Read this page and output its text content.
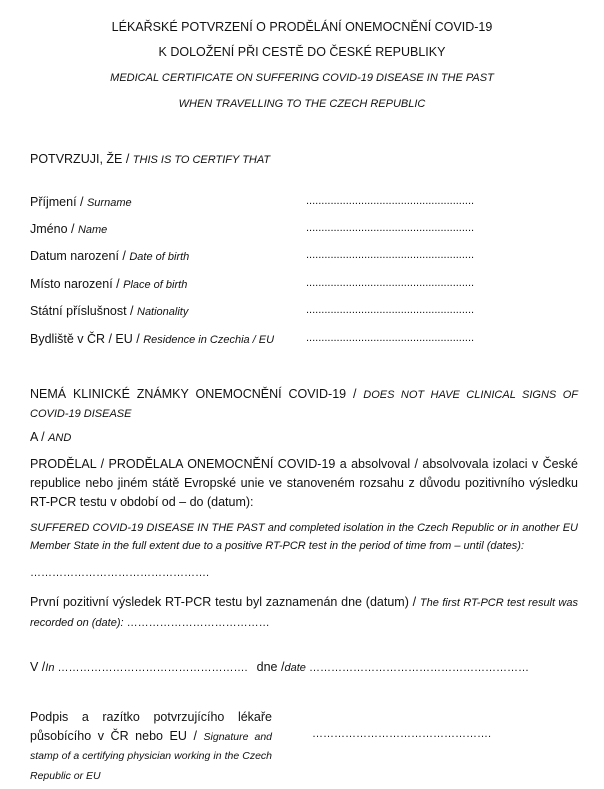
LÉKAŘSKÉ POTVRZENÍ O PRODĚLÁNÍ ONEMOCNĚNÍ COVID-19
K DOLOŽENÍ PŘI CESTĚ DO ČESKÉ REPUBLIKY
MEDICAL CERTIFICATE ON SUFFERING COVID-19 DISEASE IN THE PAST
WHEN TRAVELLING TO THE CZECH REPUBLIC
POTVRZUJI, ŽE / THIS IS TO CERTIFY THAT
Příjmení / Surname	.......................................................
Jméno / Name	.......................................................
Datum narození / Date of birth	.......................................................
Místo narození / Place of birth	.......................................................
Státní příslušnost / Nationality	.......................................................
Bydliště v ČR / EU / Residence in Czechia / EU	.......................................................
NEMÁ KLINICKÉ ZNÁMKY ONEMOCNĚNÍ COVID-19 / DOES NOT HAVE CLINICAL SIGNS OF COVID-19 DISEASE
A / AND
PRODĚLAL / PRODĚLALA ONEMOCNĚNÍ COVID-19 a absolvoval / absolvovala izolaci v České republice nebo jiném státě Evropské unie ve stanoveném rozsahu z důvodu pozitivního výsledku RT-PCR testu v období od – do (datum):
SUFFERED COVID-19 DISEASE IN THE PAST and completed isolation in the Czech Republic or in another EU Member State in the full extent due to a positive RT-PCR test in the period of time from – until (dates):
………………………………………….
První pozitivní výsledek RT-PCR testu byl zaznamenán dne (datum) / The first RT-PCR test result was recorded on (date): …………………………………
V /In ……………………………………………. dne /date ……………………………………………………
Podpis a razítko potvrzujícího lékaře působícího v ČR nebo EU / Signature and stamp of a certifying physician working in the Czech Republic or EU
………………………………………….
